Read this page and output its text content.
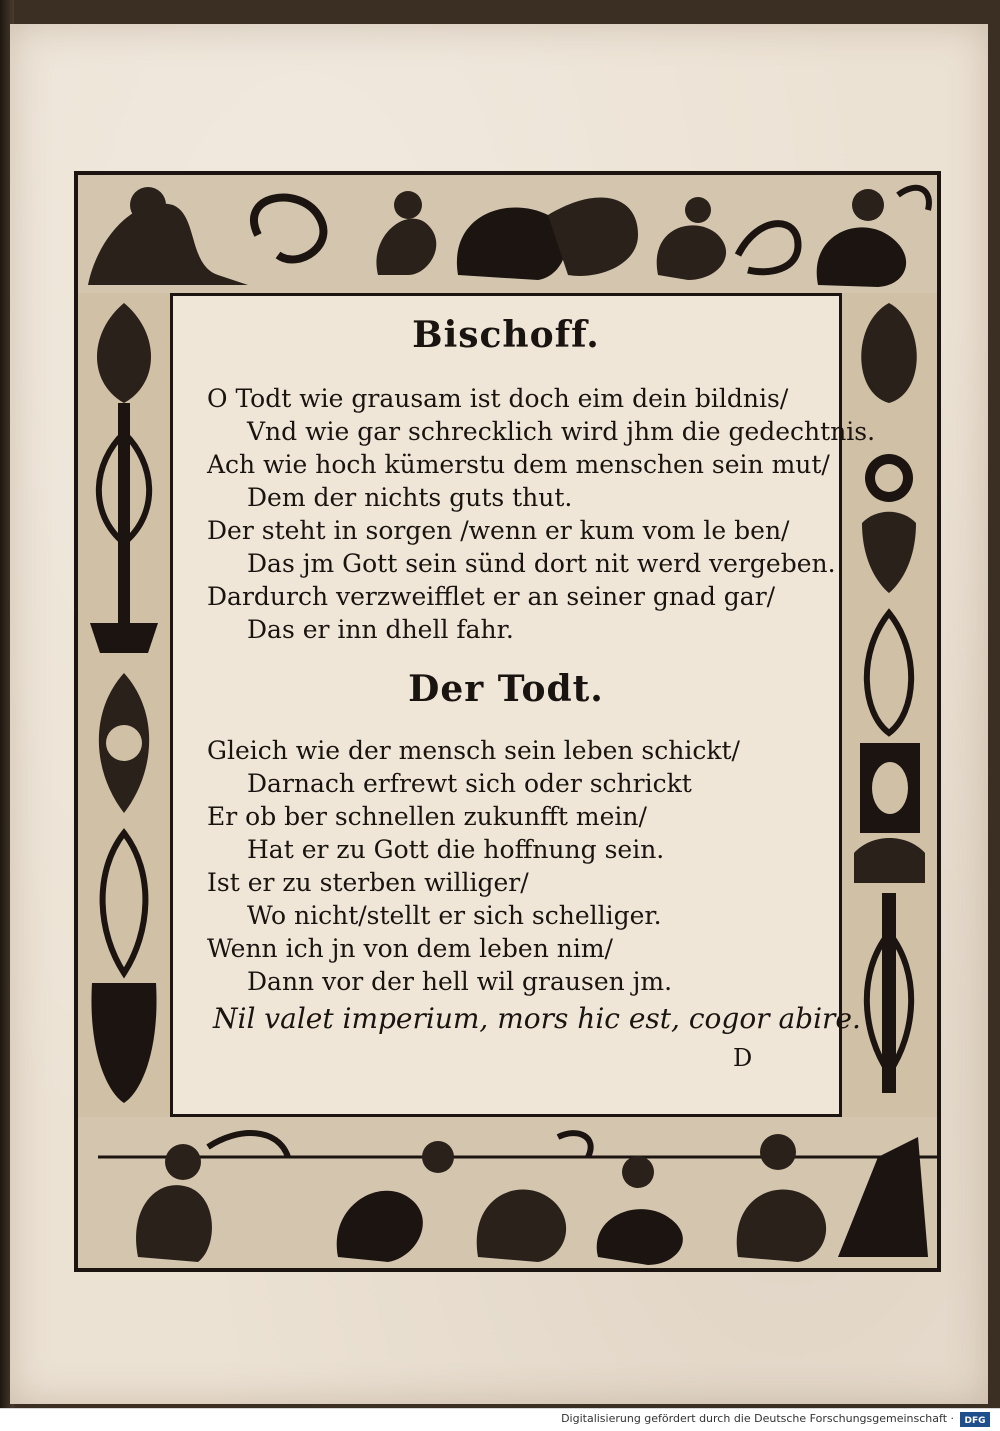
Bischoff.
O Todt wie grausam ist doch eim dein bildnis/
Vnd wie gar schrecklich wird jhm die gedechtnis.
Ach wie hoch kümerstu dem menschen sein mut/
Dem der nichts guts thut.
Der steht in sorgen /wenn er kum vom le ben/
Das jm Gott sein sünd dort nit werd vergeben.
Dardurch verzweifflet er an seiner gnad gar/
Das er inn dhell fahr.
Der Todt.
Gleich wie der mensch sein leben schickt/
Darnach erfrewt sich oder schrickt
Er ob ber schnellen zukunfft mein/
Hat er zu Gott die hoffnung sein.
Ist er zu sterben williger/
Wo nicht/stellt er sich schelliger.
Wenn ich jn von dem leben nim/
Dann vor der hell wil grausen jm.
Nil valet imperium, mors hic est, cogor abire.
D
Digitalisierung gefördert durch die Deutsche Forschungsgemeinschaft · DFG
